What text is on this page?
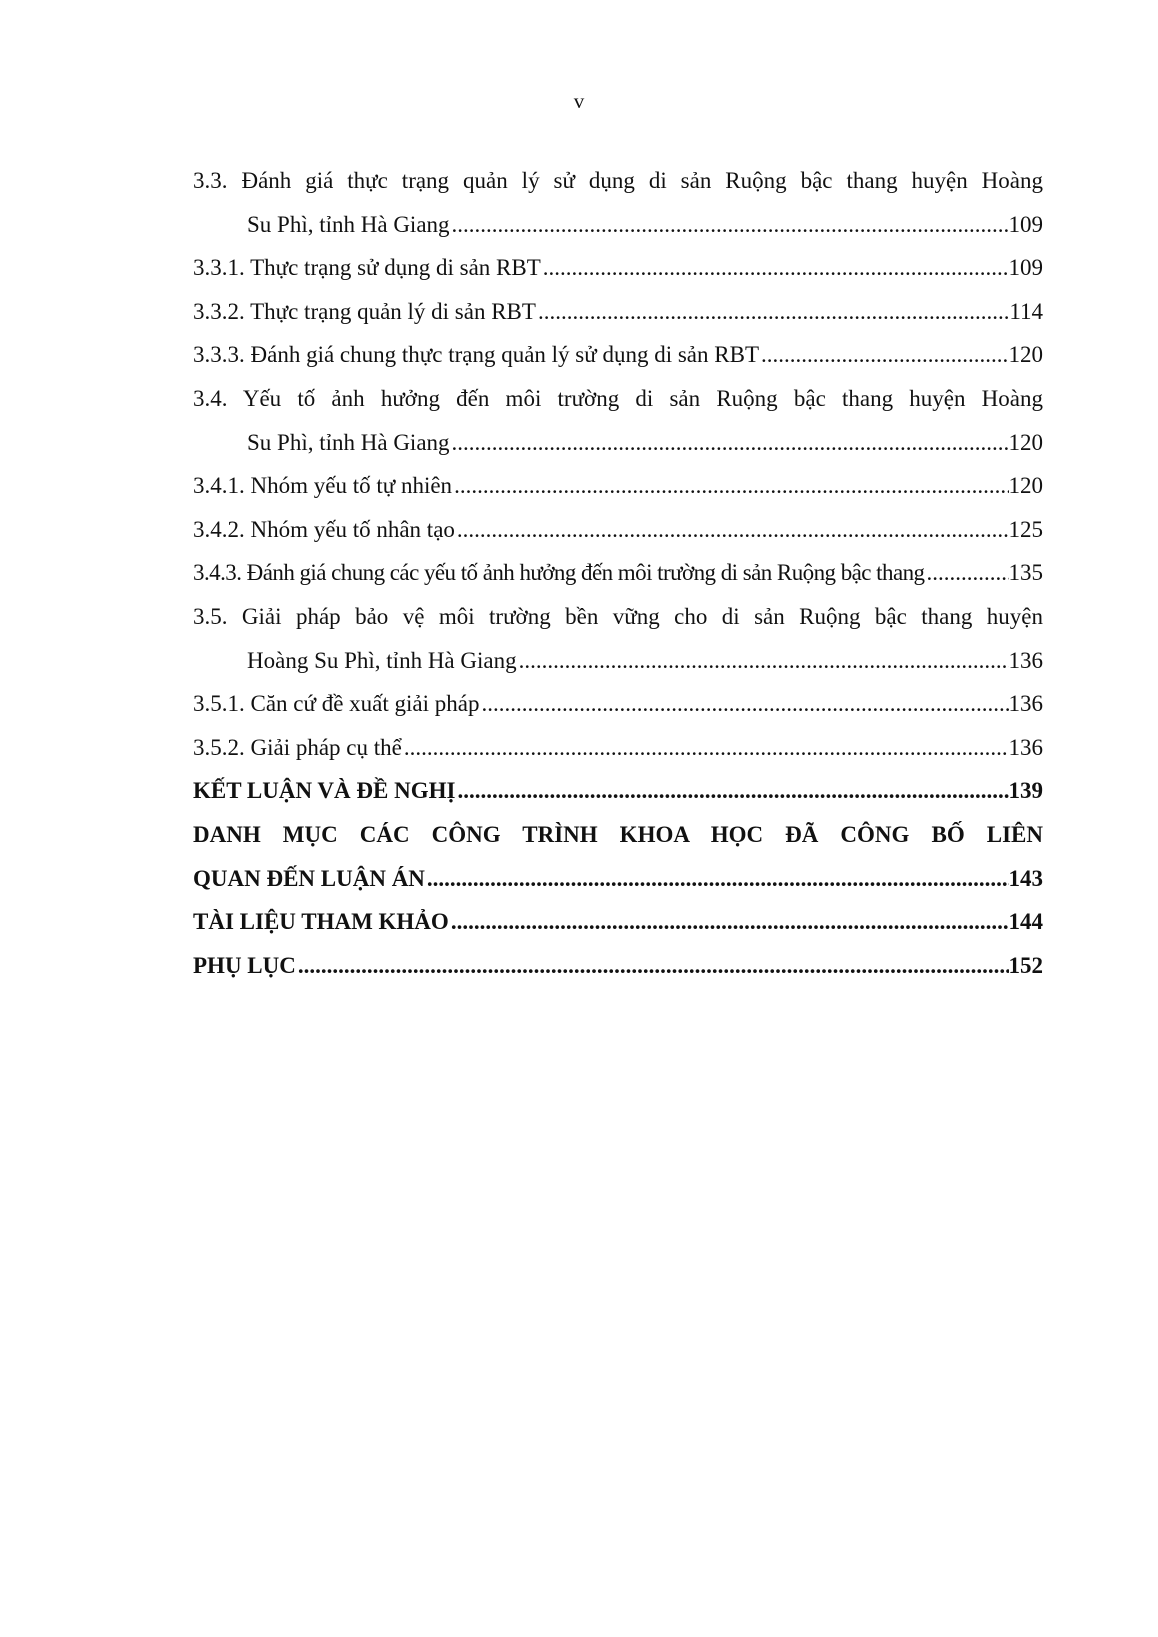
v
3.3. Đánh giá thực trạng quản lý sử dụng di sản Ruộng bậc thang huyện Hoàng
Su Phì, tỉnh Hà Giang .....	109
3.3.1. Thực trạng sử dụng di sản RBT .....	109
3.3.2. Thực trạng quản lý di sản RBT .....	114
3.3.3. Đánh giá chung thực trạng quản lý sử dụng di sản RBT .....	120
3.4. Yếu tố ảnh hưởng đến môi trường di sản Ruộng bậc thang huyện Hoàng
Su Phì, tỉnh Hà Giang .....	120
3.4.1. Nhóm yếu tố tự nhiên .....	120
3.4.2. Nhóm yếu tố nhân tạo .....	125
3.4.3. Đánh giá chung các yếu tố ảnh hưởng đến môi trường di sản Ruộng bậc thang .....	135
3.5. Giải pháp bảo vệ môi trường bền vững cho di sản Ruộng bậc thang huyện
Hoàng Su Phì, tỉnh Hà Giang .....	136
3.5.1. Căn cứ đề xuất giải pháp .....	136
3.5.2. Giải pháp cụ thể .....	136
KẾT LUẬN VÀ ĐỀ NGHỊ .....	139
DANH MỤC CÁC CÔNG TRÌNH KHOA HỌC ĐÃ CÔNG BỐ LIÊN
QUAN ĐẾN LUẬN ÁN .....	143
TÀI LIỆU THAM KHẢO .....	144
PHỤ LỤC .....	152
